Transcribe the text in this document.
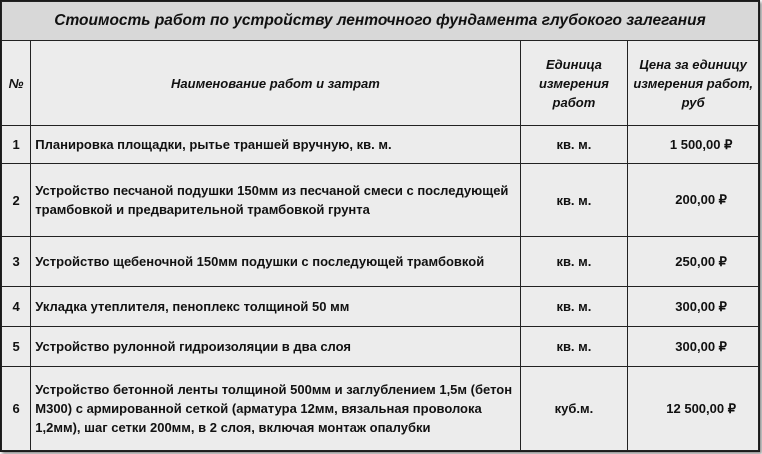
Стоимость работ по устройству ленточного фундамента глубокого залегания			
№	Наименование работ и затрат	Единица измерения работ	Цена за единицу измерения работ, руб
1	Планировка площадки, рытье траншей вручную, кв. м.	кв. м.	1 500,00 ₽
2	Устройство песчаной подушки 150мм из песчаной смеси с последующей трамбовкой и предварительной трамбовкой грунта	кв. м.	200,00 ₽
3	Устройство щебеночной 150мм подушки с последующей трамбовкой	кв. м.	250,00 ₽
4	Укладка утеплителя, пеноплекс толщиной 50 мм	кв. м.	300,00 ₽
5	Устройство рулонной гидроизоляции в два слоя	кв. м.	300,00 ₽
6	Устройство бетонной ленты толщиной 500мм и заглублением 1,5м (бетон М300) с армированной сеткой (арматура 12мм, вязальная проволока 1,2мм), шаг сетки 200мм, в 2 слоя, включая монтаж опалубки	куб.м.	12 500,00 ₽
